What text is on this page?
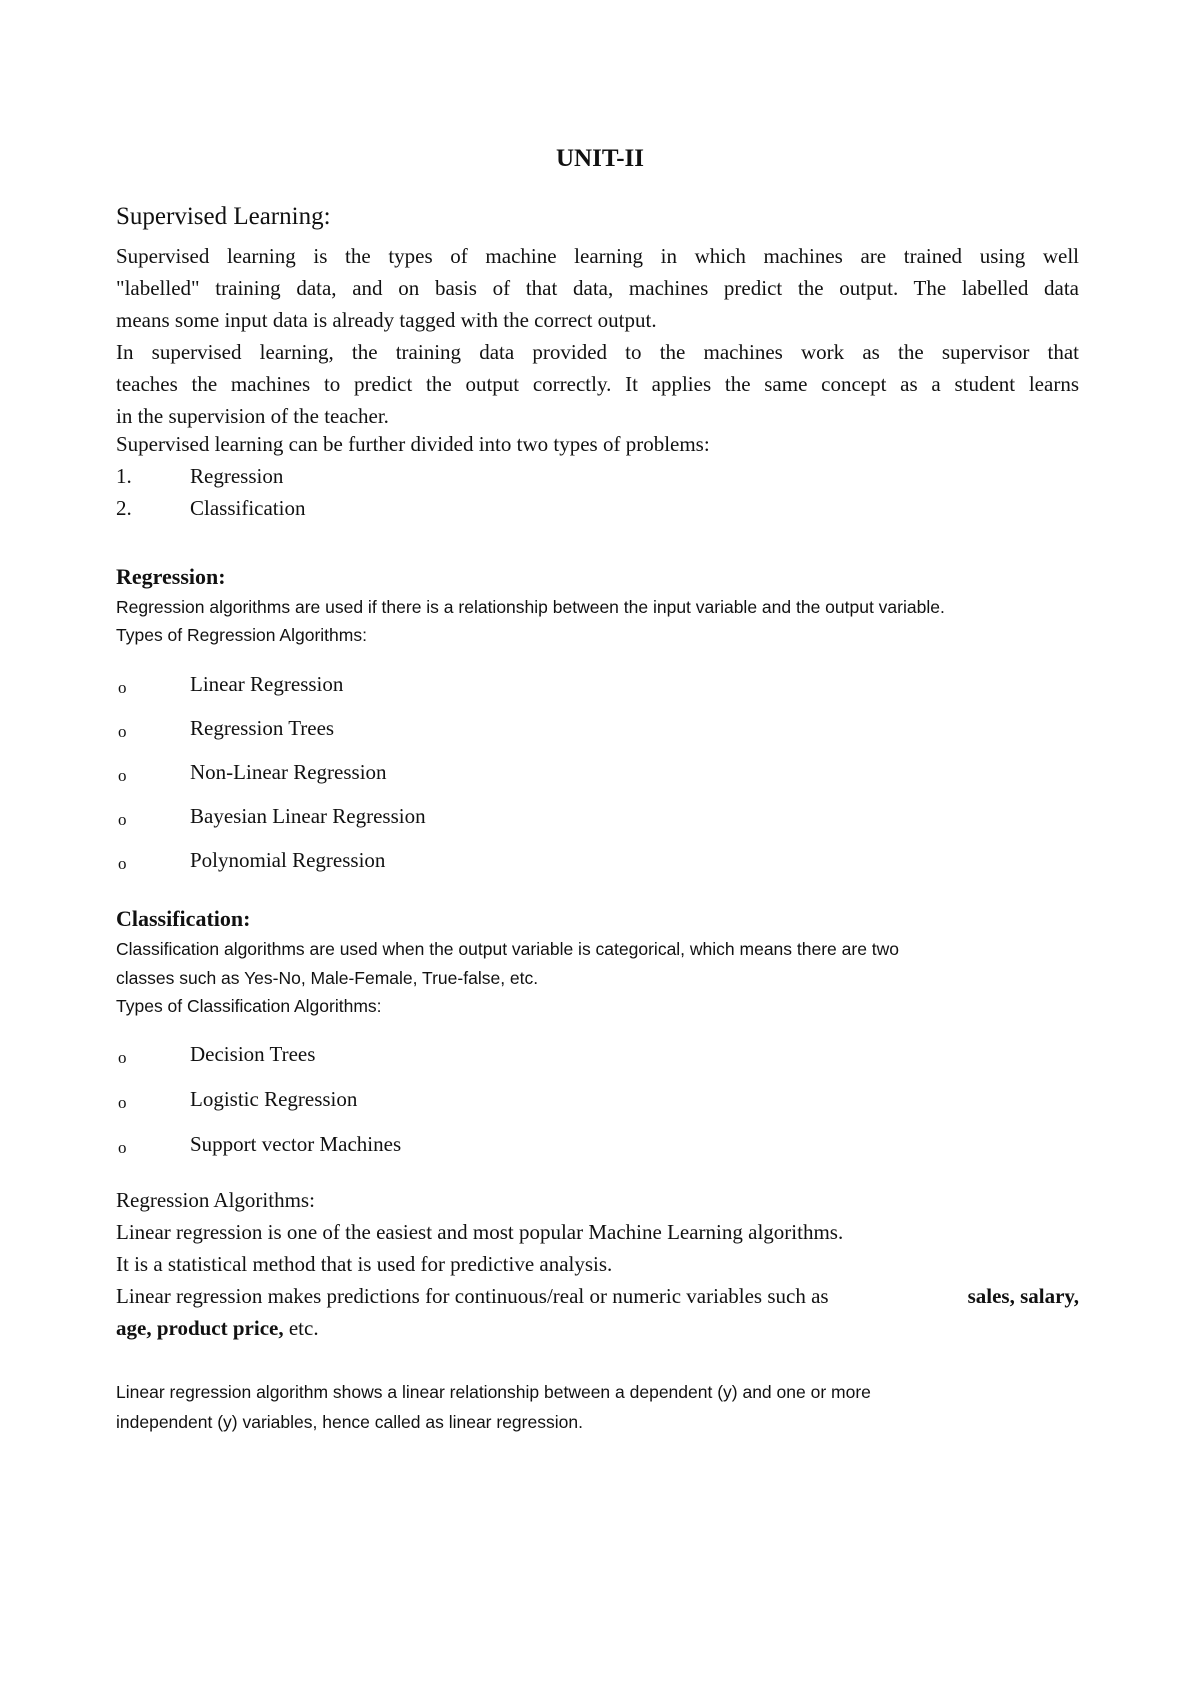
UNIT-II
Supervised Learning:
Supervised learning is the types of machine learning in which machines are trained using well
"labelled" training data, and on basis of that data, machines predict the output. The labelled data
means some input data is already tagged with the correct output.
In supervised learning, the training data provided to the machines work as the supervisor that
teaches the machines to predict the output correctly. It applies the same concept as a student learns
in the supervision of the teacher.
Supervised learning can be further divided into two types of problems:
1.	Regression
2.	Classification
Regression:
Regression algorithms are used if there is a relationship between the input variable and the output variable.
Types of Regression Algorithms:
o	Linear Regression
o	Regression Trees
o	Non-Linear Regression
o	Bayesian Linear Regression
o	Polynomial Regression
Classification:
Classification algorithms are used when the output variable is categorical, which means there are two
classes such as Yes-No, Male-Female, True-false, etc.
Types of Classification Algorithms:
o	Decision Trees
o	Logistic Regression
o	Support vector Machines
Regression Algorithms:
Linear regression is one of the easiest and most popular Machine Learning algorithms.
It is a statistical method that is used for predictive analysis.
Linear regression makes predictions for continuous/real or numeric variables such as	sales, salary,
age, product price, etc.
Linear regression algorithm shows a linear relationship between a dependent (y) and one or more
independent (y) variables, hence called as linear regression.
